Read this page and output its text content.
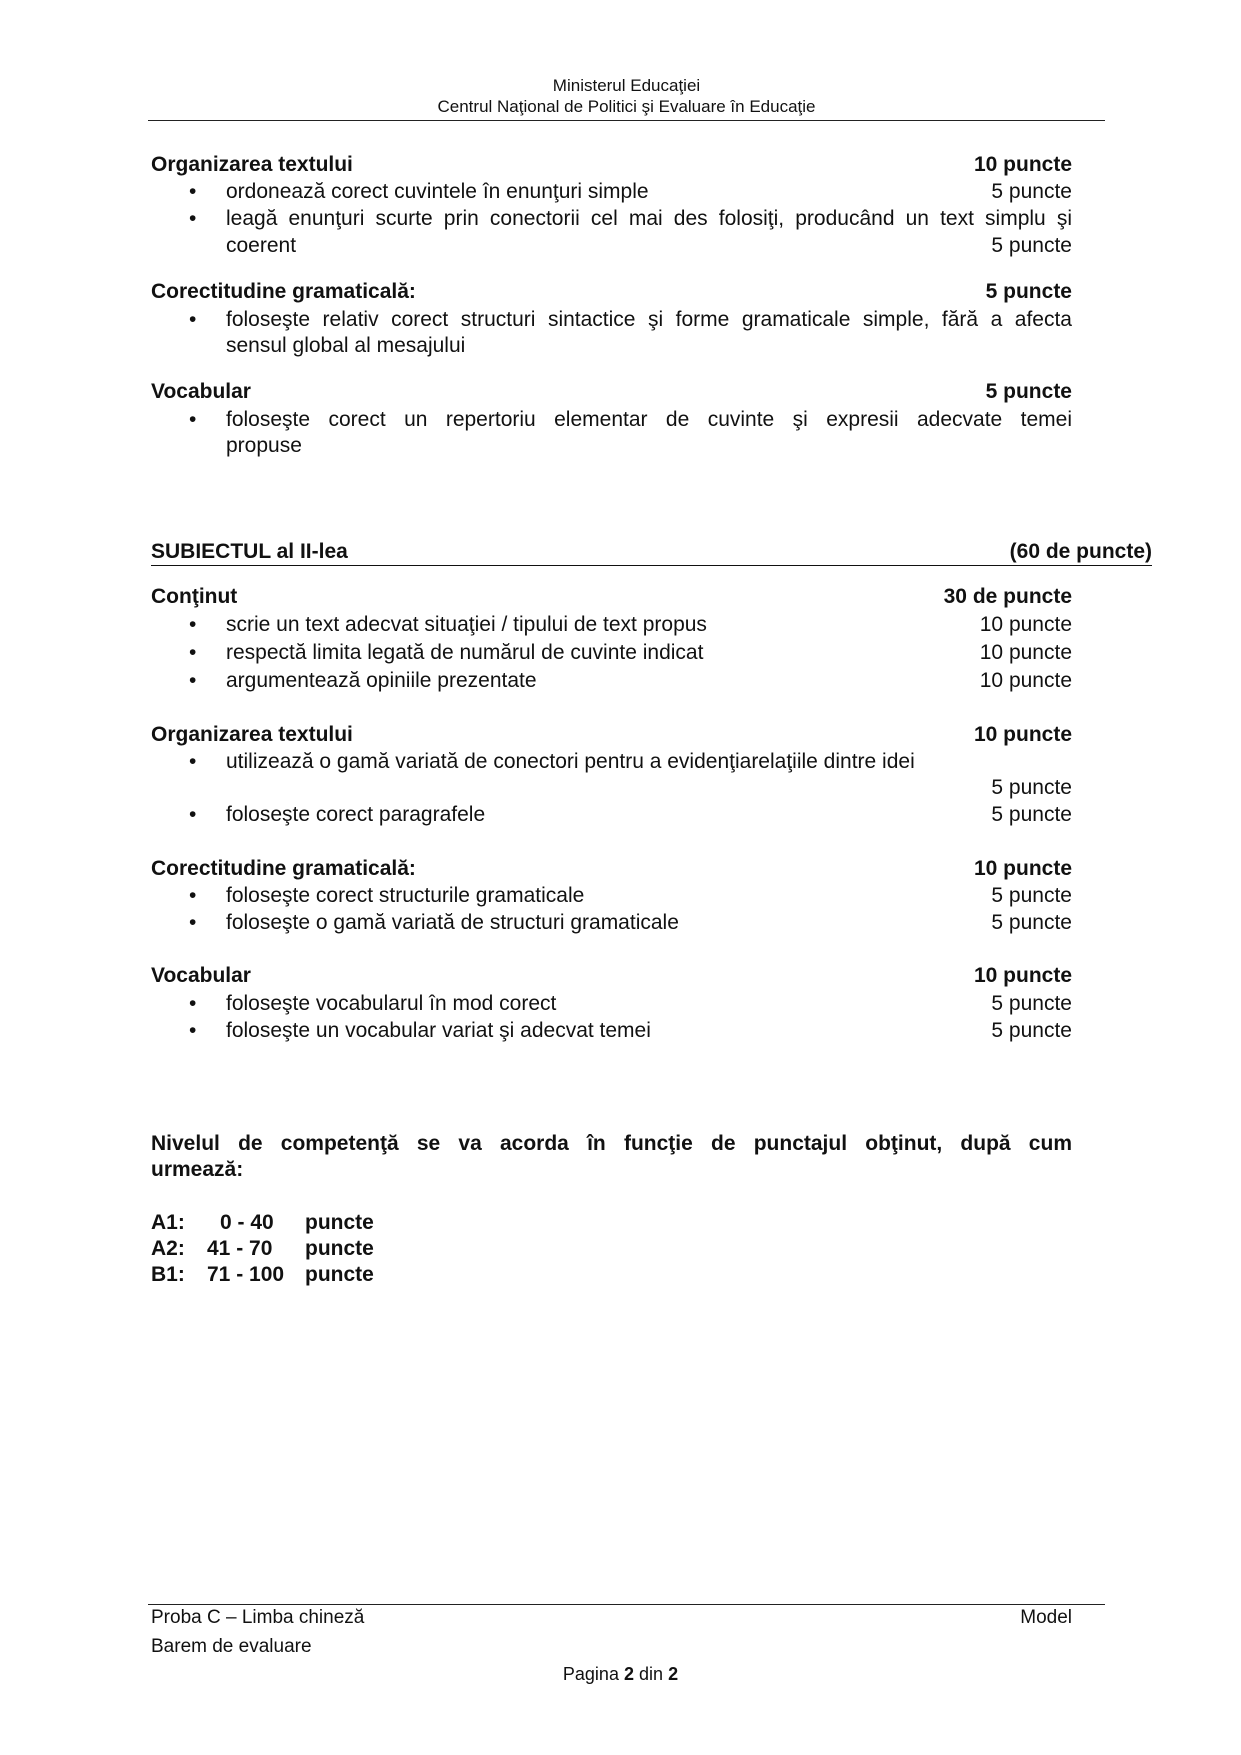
Ministerul Educaţiei
Centrul Naţional de Politici şi Evaluare în Educaţie
Organizarea textului	10 puncte
• ordonează corect cuvintele în enunţuri simple	5 puncte
• leagă enunţuri scurte prin conectorii cel mai des folosiţi, producând un text simplu şi
coerent	5 puncte
Corectitudine gramaticală:	5 puncte
• foloseşte relativ corect structuri sintactice şi forme gramaticale simple, fără a afecta
sensul global al mesajului
Vocabular	5 puncte
• foloseşte corect un repertoriu elementar de cuvinte şi expresii adecvate temei
propuse
SUBIECTUL al II-lea	(60 de puncte)
Conţinut	30 de puncte
• scrie un text adecvat situaţiei / tipului de text propus	10 puncte
• respectă limita legată de numărul de cuvinte indicat	10 puncte
• argumentează opiniile prezentate	10 puncte
Organizarea textului	10 puncte
• utilizează o gamă variată de conectori pentru a evidenţiarelaţiile dintre idei
5 puncte
• foloseşte corect paragrafele	5 puncte
Corectitudine gramaticală:	10 puncte
• foloseşte corect structurile gramaticale	5 puncte
• foloseşte o gamă variată de structuri gramaticale	5 puncte
Vocabular	10 puncte
• foloseşte vocabularul în mod corect	5 puncte
• foloseşte un vocabular variat şi adecvat temei	5 puncte
Nivelul de competenţă se va acorda în funcţie de punctajul obţinut, după cum
urmează:
A1: 0 - 40 puncte
A2: 41 - 70 puncte
B1: 71 - 100 puncte
Proba C – Limba chineză
Barem de evaluare
Model
Pagina 2 din 2
